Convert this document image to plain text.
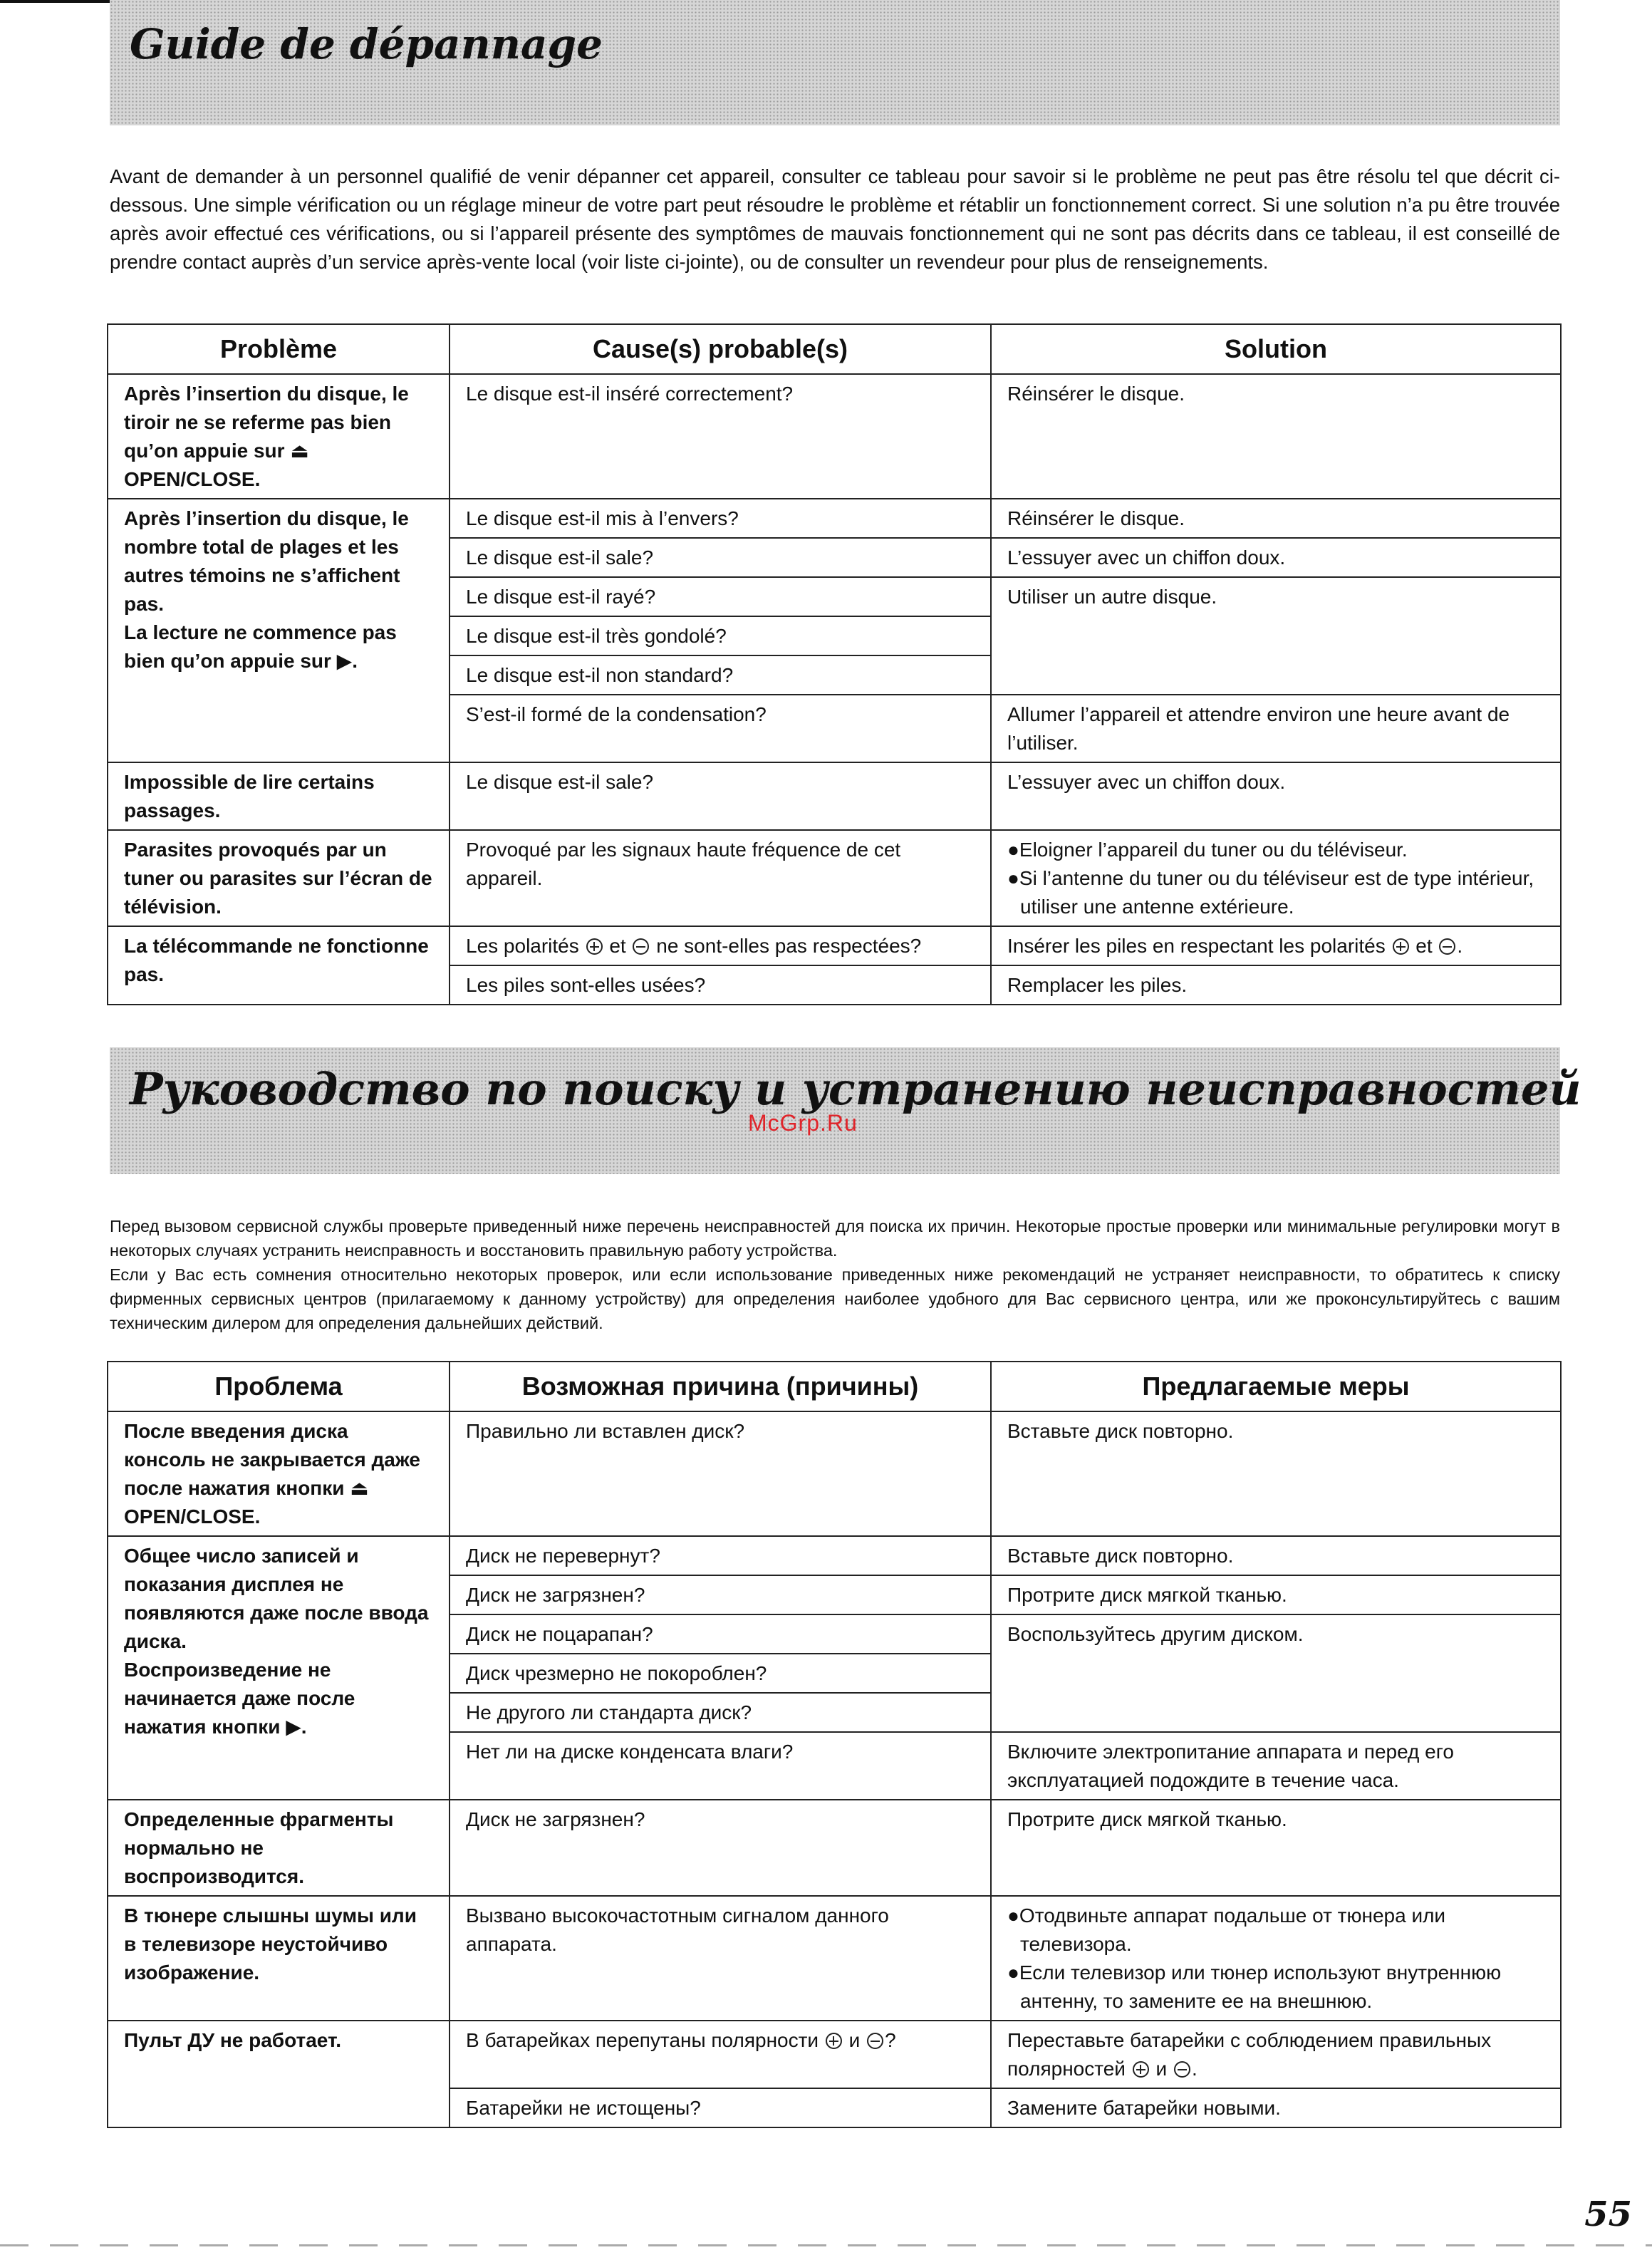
Guide de dépannage

Avant de demander à un personnel qualifié de venir dépanner cet appareil, consulter ce tableau pour savoir si le problème ne peut pas être résolu tel que décrit ci-dessous. Une simple vérification ou un réglage mineur de votre part peut résoudre le problème et rétablir un fonctionnement correct. Si une solution n’a pu être trouvée après avoir effectué ces vérifications, ou si l’appareil présente des symptômes de mauvais fonctionnement qui ne sont pas décrits dans ce tableau, il est conseillé de prendre contact auprès d’un service après-vente local (voir liste ci-jointe), ou de consulter un revendeur pour plus de renseignements.

Problème	Cause(s) probable(s)	Solution
Après l’insertion du disque, le tiroir ne se referme pas bien qu’on appuie sur ⏏ OPEN/CLOSE.	Le disque est-il inséré correctement?	Réinsérer le disque.

Après l’insertion du disque, le nombre total de plages et les autres témoins ne s’affichent pas.
La lecture ne commence pas bien qu’on appuie sur ▶.	Le disque est-il mis à l’envers?	Réinsérer le disque.
	Le disque est-il sale?	L’essuyer avec un chiffon doux.
	Le disque est-il rayé?	Utiliser un autre disque.
	Le disque est-il très gondolé?	
	Le disque est-il non standard?	
	S’est-il formé de la condensation?	Allumer l’appareil et attendre environ une heure avant de l’utiliser.
Impossible de lire certains passages.	Le disque est-il sale?	L’essuyer avec un chiffon doux.
Parasites provoqués par un tuner ou parasites sur l’écran de télévision.	Provoqué par les signaux haute fréquence de cet appareil.	●Eloigner l’appareil du tuner ou du téléviseur.
●Si l’antenne du tuner ou du téléviseur est de type intérieur, utiliser une antenne extérieure.

La télécommande ne fonctionne pas.	Les polarités et ne sont-elles pas respectées?	Insérer les piles en respectant les polarités et .
	Les piles sont-elles usées?	Remplacer les piles.
Руководство по поиску и устранению неисправностей
McGrp.Ru
Перед вызовом сервисной службы проверьте приведенный ниже перечень неисправностей для поиска их причин. Некоторые простые проверки или минимальные регулировки могут в некоторых случаях устранить неисправность и восстановить правильную работу устройства.
Если у Вас есть сомнения относительно некоторых проверок, или если использование приведенных ниже рекомендаций не устраняет неисправности, то обратитесь к списку фирменных сервисных центров (прилагаемому к данному устройству) для определения наиболее удобного для Вас сервисного центра, или же проконсультируйтесь с вашим техническим дилером для определения дальнейших действий.
Проблема	Возможная причина (причины)	Предлагаемые меры
После введения диска консоль не закрывается даже после нажатия кнопки ⏏ OPEN/CLOSE.	Правильно ли вставлен диск?	Вставьте диск повторно.

Общее число записей и показания дисплея не появляются даже после ввода диска.
Воспроизведение не начинается даже после нажатия кнопки ▶.	Диск не перевернут?	Вставьте диск повторно.
	Диск не загрязнен?	Протрите диск мягкой тканью.
	Диск не поцарапан?	Воспользуйтесь другим диском.
	Диск чрезмерно не покороблен?	
	Не другого ли стандарта диск?	
	Нет ли на диске конденсата влаги?	Включите электропитание аппарата и перед его эксплуатацией подождите в течение часа.
Определенные фрагменты нормально не воспроизводится.	Диск не загрязнен?	Протрите диск мягкой тканью.
В тюнере слышны шумы или в телевизоре неустойчиво изображение.	Вызвано высокочастотным сигналом данного аппарата.	●Отодвиньте аппарат подальше от тюнера или телевизора.
●Если телевизор или тюнер используют внутреннюю антенну, то замените ее на внешнюю.

Пульт ДУ не работает.	В батарейках перепутаны полярности и ?	Переставьте батарейки с соблюдением правильных полярностей и .
	Батарейки не истощены?	Замените батарейки новыми.
55
